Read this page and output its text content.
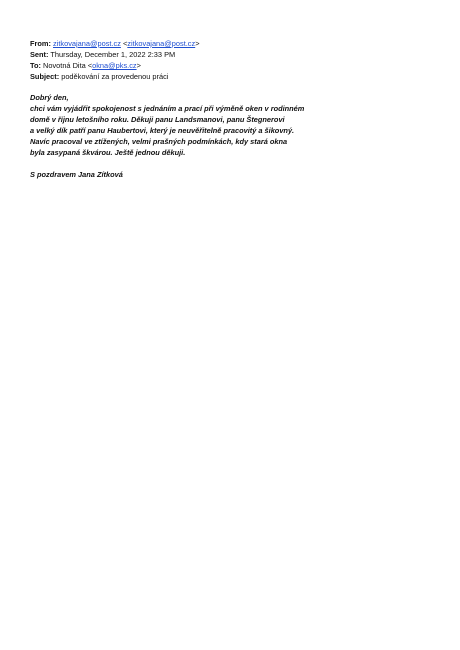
From: zitkovajana@post.cz <zitkovajana@post.cz>
Sent: Thursday, December 1, 2022 2:33 PM
To: Novotná Dita <okna@pks.cz>
Subject: poděkování za provedenou práci
Dobrý den,
chci vám vyjádřit spokojenost s jednáním a prací při výměně oken v rodinném
domě v říjnu letošního roku. Děkuji panu Landsmanovi, panu Štegnerovi
a velký dík patří panu Haubertovi, který je neuvěřitelně pracovitý a šikovný.
Navíc pracoval ve ztížených, velmi prašných podmínkách, kdy stará okna
byla zasypaná škvárou. Ještě jednou děkuji.
S pozdravem Jana Zítková
